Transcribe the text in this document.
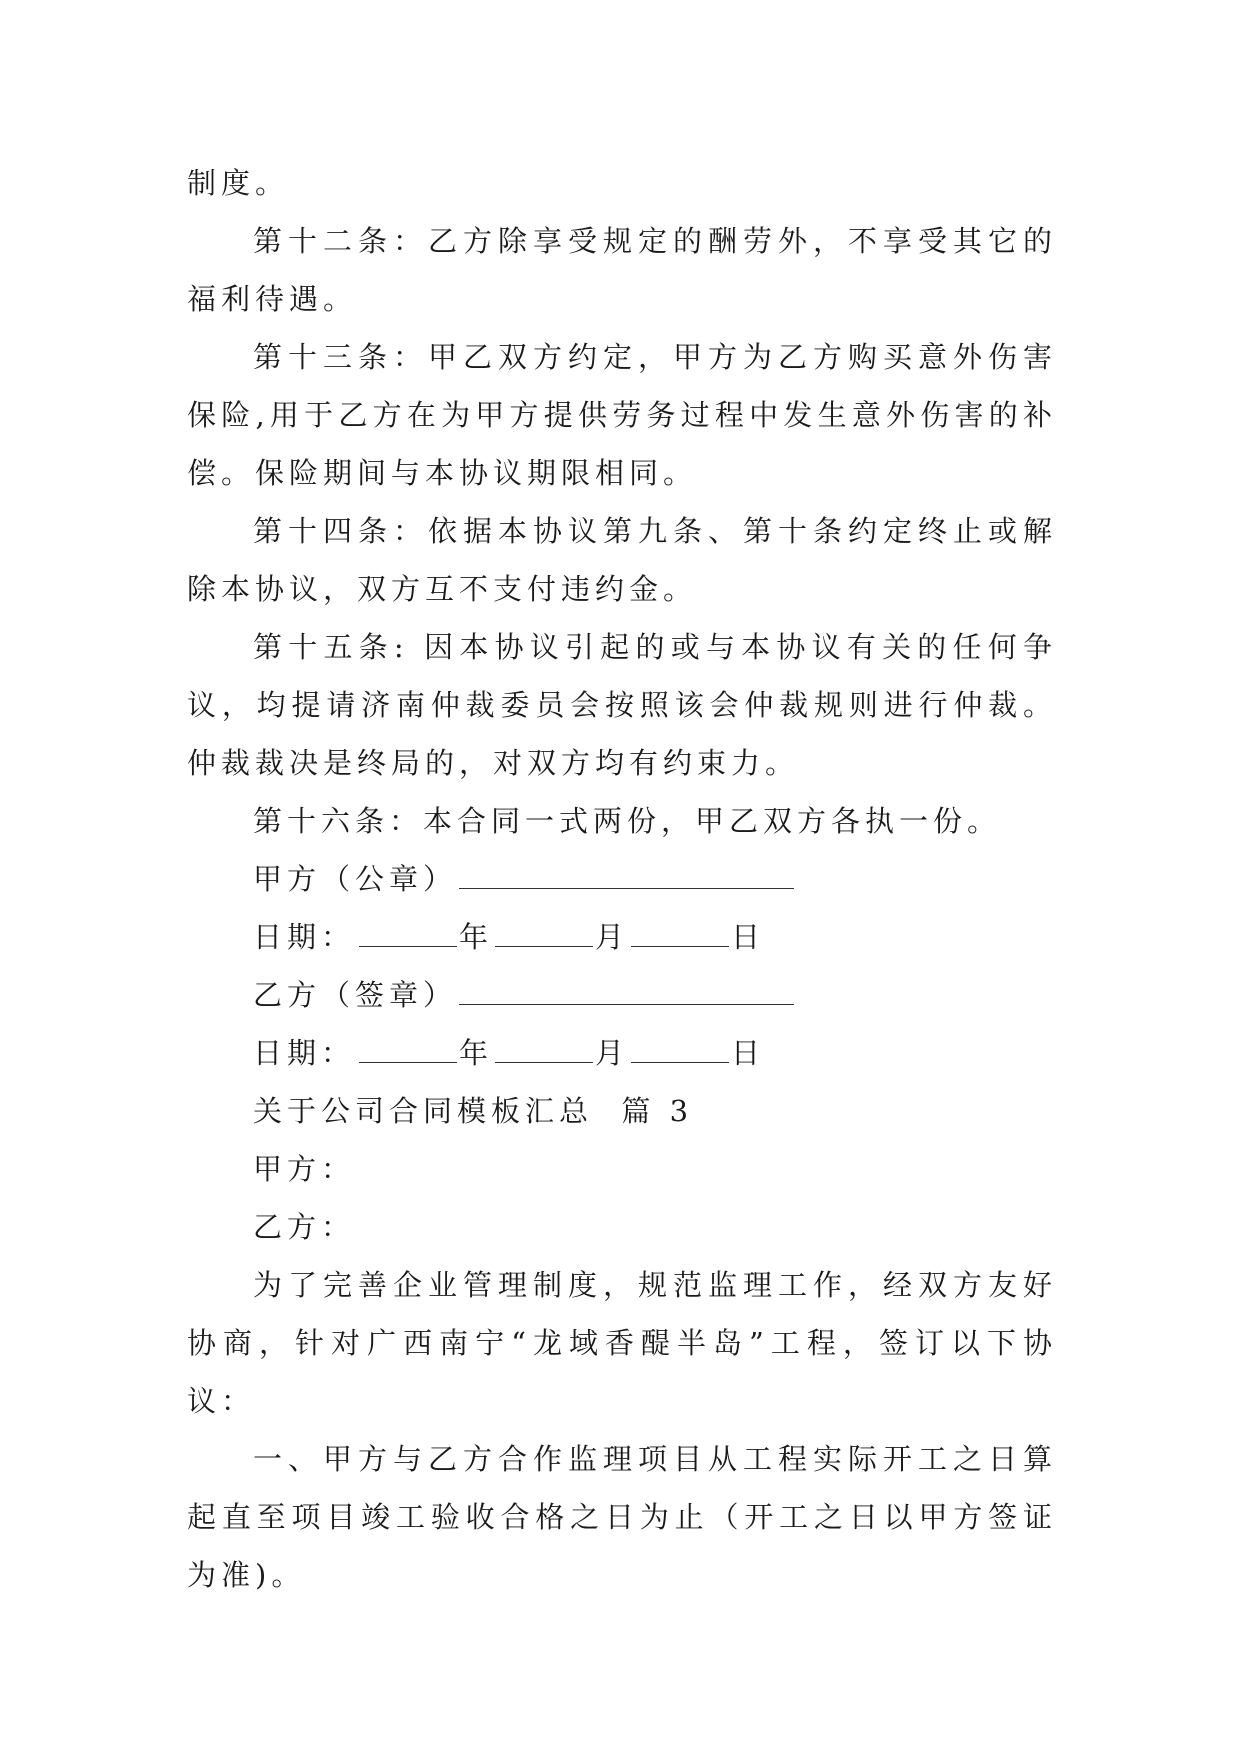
制度。

第十二条：乙方除享受规定的酬劳外，不享受其它的福利待遇。

第十三条：甲乙双方约定，甲方为乙方购买意外伤害保险,用于乙方在为甲方提供劳务过程中发生意外伤害的补偿。保险期间与本协议期限相同。

第十四条：依据本协议第九条、第十条约定终止或解除本协议，双方互不支付违约金。

第十五条: 因本协议引起的或与本协议有关的任何争议，均提请济南仲裁委员会按照该会仲裁规则进行仲裁。仲裁裁决是终局的，对双方均有约束力。

第十六条：本合同一式两份，甲乙双方各执一份。

甲方（公章）

日期：	年	月	日

乙方（签章）

日期：	年	月	日

关于公司合同模板汇总  篇 3

甲方：

乙方：

为了完善企业管理制度，规范监理工作，经双方友好协商，针对广西南宁“龙域香醍半岛”工程，签订以下协议：

一、甲方与乙方合作监理项目从工程实际开工之日算起直至项目竣工验收合格之日为止（开工之日以甲方签证为准)。
